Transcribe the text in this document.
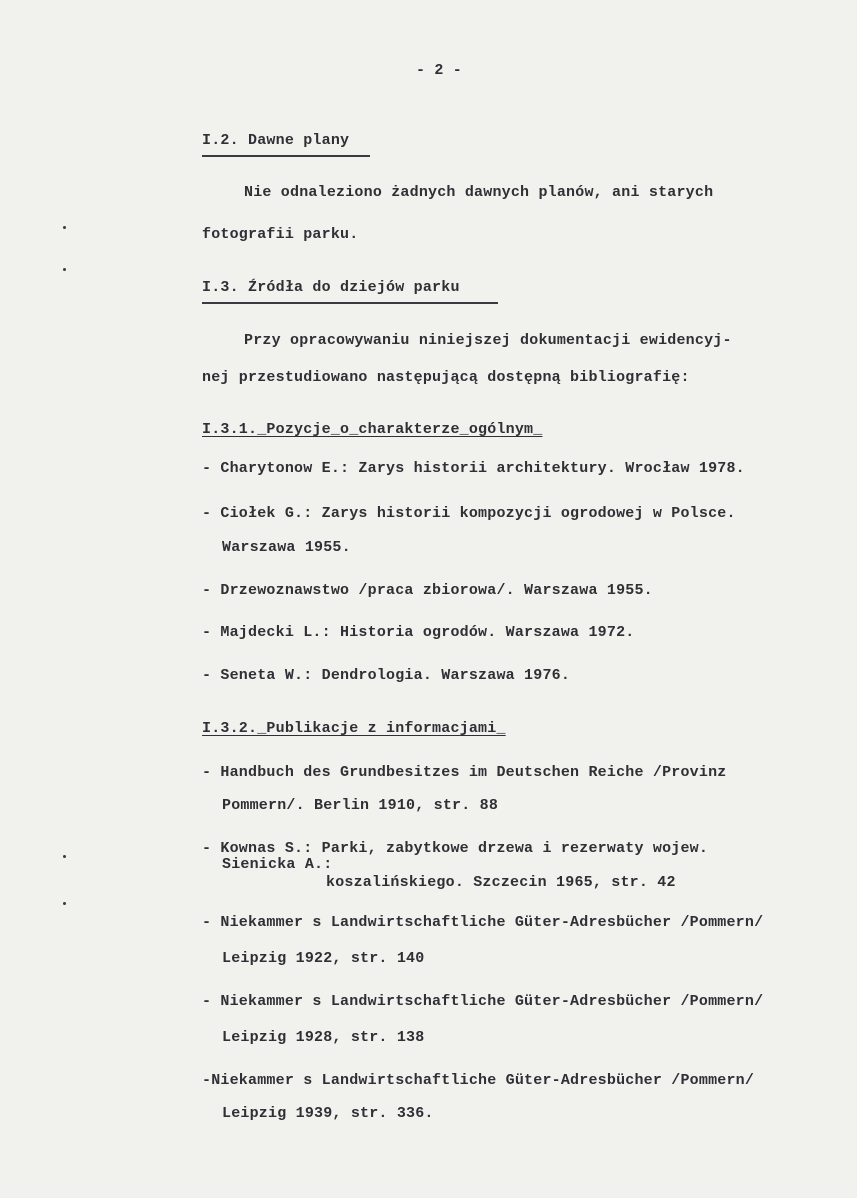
- 2 -
I.2. Dawne plany
Nie odnaleziono żadnych dawnych planów, ani starych
fotografii parku.
I.3. Źródła do dziejów parku
Przy opracowywaniu niniejszej dokumentacji ewidencyj-
nej przestudiowano następującą dostępną bibliografię:
I.3.1._Pozycje_o_charakterze_ogólnym_
- Charytonow E.: Zarys historii architektury. Wrocław 1978.
- Ciołek G.: Zarys historii kompozycji ogrodowej w Polsce.
Warszawa 1955.
- Drzewoznawstwo /praca zbiorowa/. Warszawa 1955.
- Majdecki L.: Historia ogrodów. Warszawa 1972.
- Seneta W.: Dendrologia. Warszawa 1976.
I.3.2._Publikacje z informacjami_
- Handbuch des Grundbesitzes im Deutschen Reiche /Provinz
Pommern/. Berlin 1910, str. 88
- Kownas S.: Parki, zabytkowe drzewa i rezerwaty wojew.
Sienicka A.:
koszalińskiego. Szczecin 1965, str. 42
- Niekammer s Landwirtschaftliche Güter-Adresbücher /Pommern/
Leipzig 1922, str. 140
- Niekammer s Landwirtschaftliche Güter-Adresbücher /Pommern/
Leipzig 1928, str. 138
-Niekammer s Landwirtschaftliche Güter-Adresbücher /Pommern/
Leipzig 1939, str. 336.
